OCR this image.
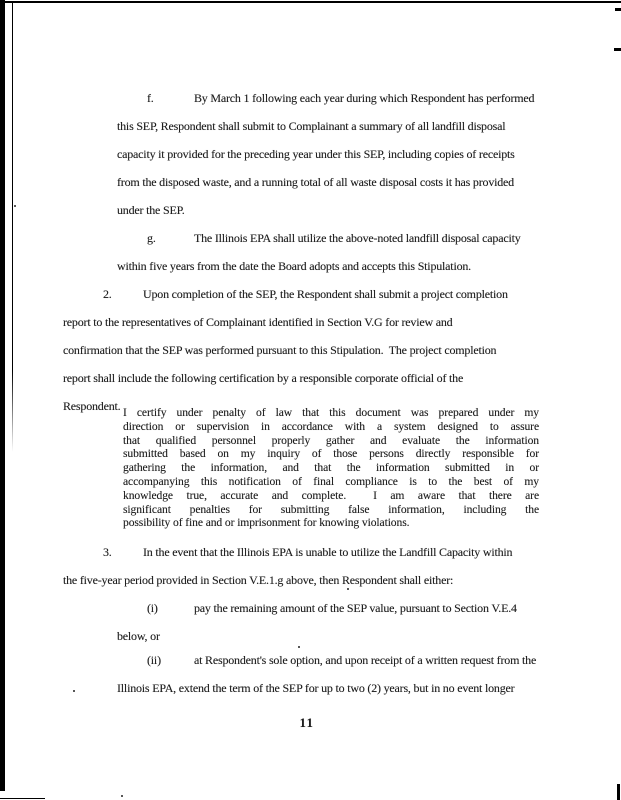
f.	By March 1 following each year during which Respondent has performed
this SEP, Respondent shall submit to Complainant a summary of all landfill disposal
capacity it provided for the preceding year under this SEP, including copies of receipts
from the disposed waste, and a running total of all waste disposal costs it has provided
under the SEP.
g.	The Illinois EPA shall utilize the above-noted landfill disposal capacity
within five years from the date the Board adopts and accepts this Stipulation.
2.	Upon completion of the SEP, the Respondent shall submit a project completion
report to the representatives of Complainant identified in Section V.G for review and
confirmation that the SEP was performed pursuant to this Stipulation.  The project completion
report shall include the following certification by a responsible corporate official of the
Respondent. I certify under penalty of law that this document was prepared under my
direction or supervision in accordance with a system designed to assure
that qualified personnel properly gather and evaluate the information
submitted based on my inquiry of those persons directly responsible for
gathering the information, and that the information submitted in or
accompanying this notification of final compliance is to the best of my
knowledge true, accurate and complete.  I am aware that there are
significant penalties for submitting false information, including the
possibility of fine and or imprisonment for knowing violations.
3.	In the event that the Illinois EPA is unable to utilize the Landfill Capacity within
the five-year period provided in Section V.E.1.g above, then Respondent shall either:
(i)	pay the remaining amount of the SEP value, pursuant to Section V.E.4
below, or
(ii)	at Respondent's sole option, and upon receipt of a written request from the
Illinois EPA, extend the term of the SEP for up to two (2) years, but in no event longer
11
